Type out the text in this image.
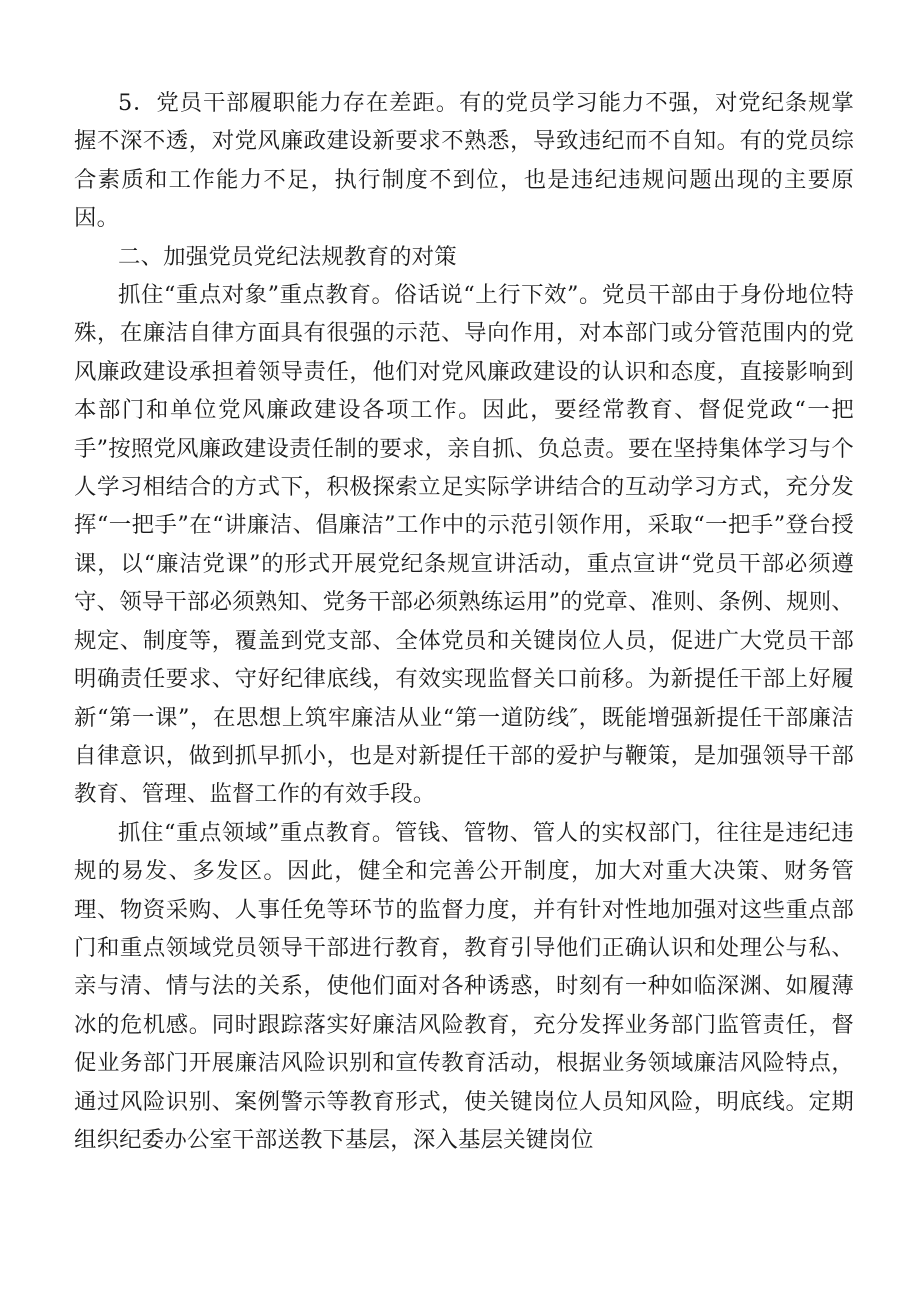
5．党员干部履职能力存在差距。有的党员学习能力不强，对党纪条规掌握不深不透，对党风廉政建设新要求不熟悉，导致违纪而不自知。有的党员综合素质和工作能力不足，执行制度不到位，也是违纪违规问题出现的主要原因。

二、加强党员党纪法规教育的对策

抓住“重点对象”重点教育。俗话说“上行下效”。党员干部由于身份地位特殊，在廉洁自律方面具有很强的示范、导向作用，对本部门或分管范围内的党风廉政建设承担着领导责任，他们对党风廉政建设的认识和态度，直接影响到本部门和单位党风廉政建设各项工作。因此，要经常教育、督促党政“一把手”按照党风廉政建设责任制的要求，亲自抓、负总责。要在坚持集体学习与个人学习相结合的方式下，积极探索立足实际学讲结合的互动学习方式，充分发挥“一把手”在“讲廉洁、倡廉洁”工作中的示范引领作用，采取“一把手”登台授课，以“廉洁党课”的形式开展党纪条规宣讲活动，重点宣讲“党员干部必须遵守、领导干部必须熟知、党务干部必须熟练运用”的党章、准则、条例、规则、规定、制度等，覆盖到党支部、全体党员和关键岗位人员，促进广大党员干部明确责任要求、守好纪律底线，有效实现监督关口前移。为新提任干部上好履新“第一课”，在思想上筑牢廉洁从业“第一道防线″，既能增强新提任干部廉洁自律意识，做到抓早抓小，也是对新提任干部的爱护与鞭策，是加强领导干部教育、管理、监督工作的有效手段。

抓住“重点领域”重点教育。管钱、管物、管人的实权部门，往往是违纪违规的易发、多发区。因此，健全和完善公开制度，加大对重大决策、财务管理、物资采购、人事任免等环节的监督力度，并有针对性地加强对这些重点部门和重点领域党员领导干部进行教育，教育引导他们正确认识和处理公与私、亲与清、情与法的关系，使他们面对各种诱惑，时刻有一种如临深渊、如履薄冰的危机感。同时跟踪落实好廉洁风险教育，充分发挥业务部门监管责任，督促业务部门开展廉洁风险识别和宣传教育活动，根据业务领域廉洁风险特点，通过风险识别、案例警示等教育形式，使关键岗位人员知风险，明底线。定期组织纪委办公室干部送教下基层，深入基层关键岗位
